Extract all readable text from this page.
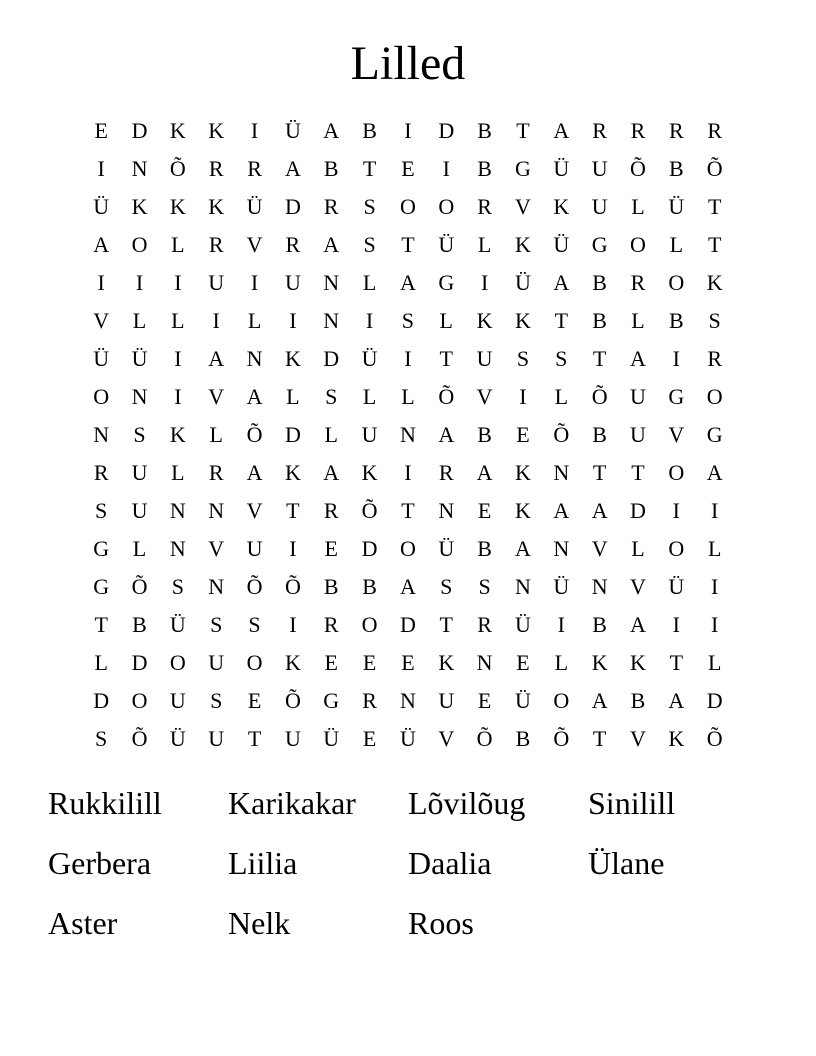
Lilled
E	D	K	K	I	Ü	A	B	I	D	B	T	A	R	R	R	R
I	N	Õ	R	R	A	B	T	E	I	B	G	Ü	U	Õ	B	Õ
Ü	K	K	K	Ü	D	R	S	O	O	R	V	K	U	L	Ü	T
A	O	L	R	V	R	A	S	T	Ü	L	K	Ü	G	O	L	T
I	I	I	U	I	U	N	L	A	G	I	Ü	A	B	R	O	K
V	L	L	I	L	I	N	I	S	L	K	K	T	B	L	B	S
Ü	Ü	I	A	N	K	D	Ü	I	T	U	S	S	T	A	I	R
O	N	I	V	A	L	S	L	L	Õ	V	I	L	Õ	U	G	O
N	S	K	L	Õ	D	L	U	N	A	B	E	Õ	B	U	V	G
R	U	L	R	A	K	A	K	I	R	A	K	N	T	T	O	A
S	U	N	N	V	T	R	Õ	T	N	E	K	A	A	D	I	I
G	L	N	V	U	I	E	D	O	Ü	B	A	N	V	L	O	L
G	Õ	S	N	Õ	Õ	B	B	A	S	S	N	Ü	N	V	Ü	I
T	B	Ü	S	S	I	R	O	D	T	R	Ü	I	B	A	I	I
L	D	O	U	O	K	E	E	E	K	N	E	L	K	K	T	L
D	O	U	S	E	Õ	G	R	N	U	E	Ü	O	A	B	A	D
S	Õ	Ü	U	T	U	Ü	E	Ü	V	Õ	B	Õ	T	V	K	Õ
Rukkilill	Karikakar	Lõvilõug	Sinilill
Gerbera	Liilia	Daalia	Ülane
Aster	Nelk	Roos
